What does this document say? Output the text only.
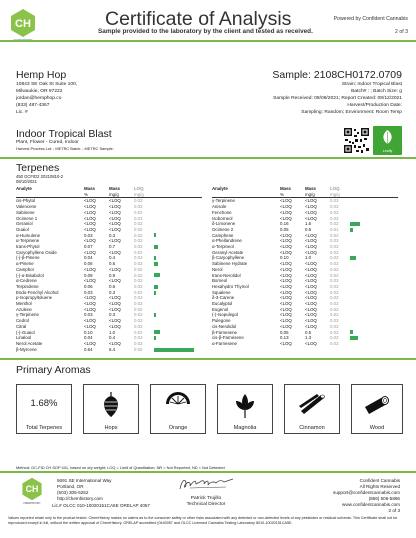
CH	Certificate of Analysis	Powered by Confident Cannabis
Sample provided to the laboratory by the client and tested as received.	2 of 3
Hemp Hop
10843 SE Oak St Suite 100,
Milwaukie, OR 97222
jordan@hemphop.co
(833) 487-4367
Lic. #
Sample: 2108CH0172.0709
Strain: Indoor Tropical Blast
Batch# : ; Batch Size: g
Sample Received: 08/09/2021; Report Created: 08/12/2021
Harvest/Production Date:
Sampling: Random; Environment: Room Temp
Indoor Tropical Blast
Plant, Flower - Cured, Indoor
Harvest Process Lot: ; METRC Batch: ; METRC Sample:	Leafly
Terpenes
450 GCFID2 20210810-2
08/10/2021
Analyte	Mass	Mass	LOQ	
	%	mg/g	mg/g	
cis-Phytol	<LOQ	<LOQ	0.02	
Valencene	<LOQ	<LOQ	0.02	
Sabinene	<LOQ	<LOQ	0.02	
Ocimene 1	<LOQ	<LOQ	0.01	
Geraniol	<LOQ	<LOQ	0.02	
Guaiol	<LOQ	<LOQ	0.02	
α-Humulene	0.03	0.3	0.02	
α-Terpinene	<LOQ	<LOQ	0.02	
trans-Phytol	0.07	0.7	0.02	
Caryophyllene Oxide	<LOQ	<LOQ	0.02	
(-)-β-Pinene	0.04	0.4	0.02	
α-Pinene	0.06	0.6	0.02	
Camphor	<LOQ	<LOQ	0.02	
(-)-α-Bisabolol	0.09	0.9	0.02	
α-Cedrene	<LOQ	<LOQ	0.02	
Terpinolene	0.06	0.6	0.02	
Endo-Fenchyl Alcohol	0.03	0.3	0.02	
p-Isopropyltoluene	<LOQ	<LOQ	0.02	
Menthol	<LOQ	<LOQ	0.02	
Azulene	<LOQ	<LOQ	0.02	
γ-Terpinene	0.03	0.3	0.02	
Cedrol	<LOQ	<LOQ	0.02	
Citral	<LOQ	<LOQ	0.02	
(-)-Guaiol	0.10	1.0	0.02	
Linalool	0.04	0.4	0.02	
Nerol Acetate	<LOQ	<LOQ	0.02	
β-Myrcene	0.64	6.4	0.02	
Analyte	Mass	Mass	LOQ	
	%	mg/g	mg/g	
γ-Terpinene	<LOQ	<LOQ	0.02	
Anisole	<LOQ	<LOQ	0.02	
Fenchone	<LOQ	<LOQ	0.02	
Isoborneol	<LOQ	<LOQ	0.02	
δ-Limonene	0.16	1.6	0.02	
Ocimene 2	0.05	0.5	0.01	
Camphene	<LOQ	<LOQ	0.02	
α-Phellandrene	<LOQ	<LOQ	0.02	
α-Terpineol	<LOQ	<LOQ	0.02	
Geranyl Acetate	<LOQ	<LOQ	0.02	
β-Caryophyllene	0.10	1.0	0.02	
Sabinene Hydrate	<LOQ	<LOQ	0.02	
Nerol	<LOQ	<LOQ	0.02	
trans-Nerolidol	<LOQ	<LOQ	0.02	
Borneol	<LOQ	<LOQ	0.02	
Hexahydro Thymol	<LOQ	<LOQ	0.02	
Squalene	<LOQ	<LOQ	0.02	
δ-3-Carene	<LOQ	<LOQ	0.02	
Eucalyptol	<LOQ	<LOQ	0.02	
Eugenol	<LOQ	<LOQ	0.02	
(-)-Isopulegol	<LOQ	<LOQ	0.02	
Pulegone	<LOQ	<LOQ	0.02	
cis-Nerolidol	<LOQ	<LOQ	0.02	
β-Farnesene	0.05	0.5	0.02	
cis-β-Farnesene	0.13	1.3	0.02	
α-Farnesene	<LOQ	<LOQ	0.02	
Primary Aromas
1.68%
Total Terpenes	Hops	Orange	Magnolia	Cinnamon	Wood
Method: GC-FID CH SOP 401, based on dry weight; LOQ = Limit of Quantitation; NR = Not Reported, ND = Not Detected
CH
CHEMHISTORY
5691 SE International Way
Portland, OR
(503) 305-5252
http://chemhistory.com
Lic.# OLCC 010-10020151CA5E ORELAP 4057
Patrick Trujillo
Technical Director
Confident Cannabis
All Rights Reserved
support@confidentcannabis.com
(866) 506-5866
www.confidentcannabis.com
2 of 3
Values reported relate only to the product tested. ChemHistory makes no claims as to the consumer safety or other risks associated with any detected or non-detected levels of any pesticides or residual solvents. This Certificate shall not be reproduced except in full, without the written approval of ChemHistory. ORELAP accredited (0440057 and OLCC Licensed Cannabis Testing Laboratory 8010-10020151CA5E.
